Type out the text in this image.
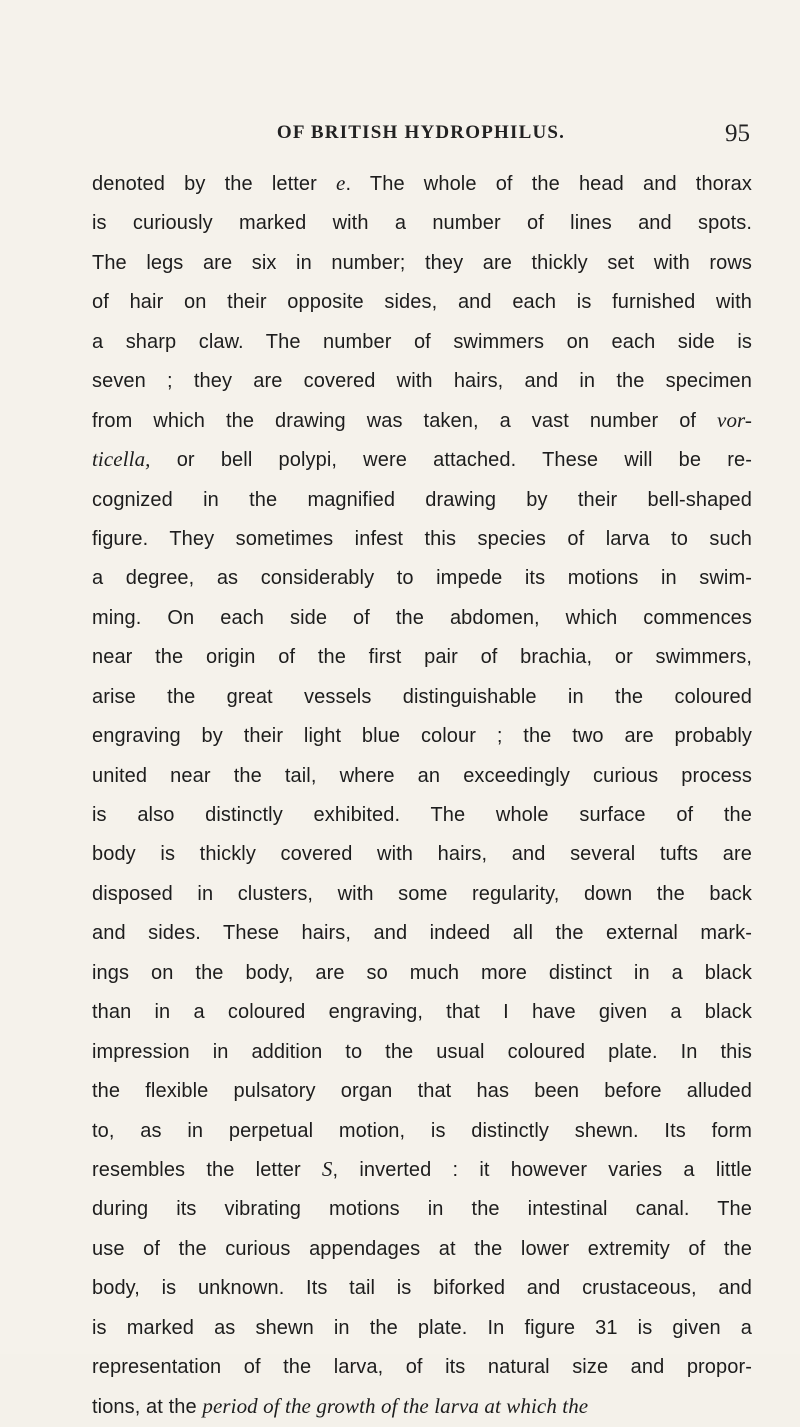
OF BRITISH HYDROPHILUS.	95
denoted by the letter e. The whole of the head and thorax
is curiously marked with a number of lines and spots.
The legs are six in number; they are thickly set with rows
of hair on their opposite sides, and each is furnished with
a sharp claw. The number of swimmers on each side is
seven ; they are covered with hairs, and in the specimen
from which the drawing was taken, a vast number of vor-
ticella, or bell polypi, were attached. These will be re-
cognized in the magnified drawing by their bell-shaped
figure. They sometimes infest this species of larva to such
a degree, as considerably to impede its motions in swim-
ming. On each side of the abdomen, which commences
near the origin of the first pair of brachia, or swimmers,
arise the great vessels distinguishable in the coloured
engraving by their light blue colour ; the two are probably
united near the tail, where an exceedingly curious process
is also distinctly exhibited. The whole surface of the
body is thickly covered with hairs, and several tufts are
disposed in clusters, with some regularity, down the back
and sides. These hairs, and indeed all the external mark-
ings on the body, are so much more distinct in a black
than in a coloured engraving, that I have given a black
impression in addition to the usual coloured plate. In this
the flexible pulsatory organ that has been before alluded
to, as in perpetual motion, is distinctly shewn. Its form
resembles the letter S, inverted : it however varies a little
during its vibrating motions in the intestinal canal. The
use of the curious appendages at the lower extremity of the
body, is unknown. Its tail is biforked and crustaceous, and
is marked as shewn in the plate. In figure 31 is given a
representation of the larva, of its natural size and propor-
tions, at the period of the growth of the larva at which the
